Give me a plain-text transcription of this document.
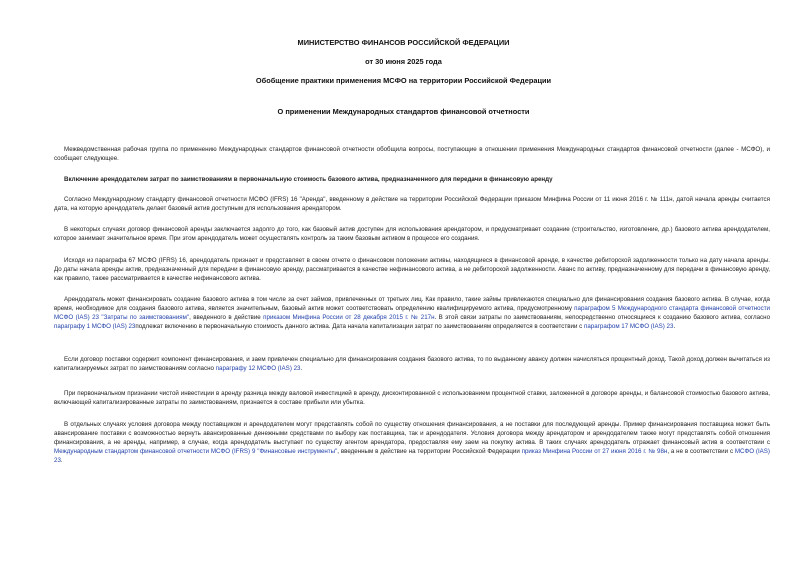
МИНИСТЕРСТВО ФИНАНСОВ РОССИЙСКОЙ ФЕДЕРАЦИИ
от 30 июня 2025 года
Обобщение практики применения МСФО на территории Российской Федерации
О применении Международных стандартов финансовой отчетности

Межведомственная рабочая группа по применению Международных стандартов финансовой отчетности обобщила вопросы, поступающие в отношении применения Международных стандартов финансовой отчетности (далее - МСФО), и сообщает следующее.

Включение арендодателем затрат по заимствованиям в первоначальную стоимость базового актива, предназначенного для передачи в финансовую аренду

Согласно Международному стандарту финансовой отчетности МСФО (IFRS) 16 "Аренда", введенному в действие на территории Российской Федерации приказом Минфина России от 11 июня 2016 г. № 111н, датой начала аренды считается дата, на которую арендодатель делает базовый актив доступным для использования арендатором.

В некоторых случаях договор финансовой аренды заключается задолго до того, как базовый актив доступен для использования арендатором, и предусматривает создание (строительство, изготовление, др.) базового актива арендодателем, которое занимает значительное время. При этом арендодатель может осуществлять контроль за таким базовым активом в процессе его создания.

Исходя из параграфа 67 МСФО (IFRS) 16, арендодатель признает и представляет в своем отчете о финансовом положении активы, находящиеся в финансовой аренде, в качестве дебиторской задолженности только на дату начала аренды. До даты начала аренды актив, предназначенный для передачи в финансовую аренду, рассматривается в качестве нефинансового актива, а не дебиторской задолженности. Аванс по активу, предназначенному для передачи в финансовую аренду, как правило, также рассматривается в качестве нефинансового актива.

Арендодатель может финансировать создание базового актива в том числе за счет займов, привлеченных от третьих лиц. Как правило, такие займы привлекаются специально для финансирования создания базового актива. В случае, когда время, необходимое для создания базового актива, является значительным, базовый актив может соответствовать определению квалифицируемого актива, предусмотренному параграфом 5 Международного стандарта финансовой отчетности МСФО (IAS) 23 "Затраты по заимствованиям", введенного в действие приказом Минфина России от 28 декабря 2015 г. № 217н. В этой связи затраты по заимствованиям, непосредственно относящиеся к созданию базового актива, согласно параграфу 1 МСФО (IAS) 23подлежат включению в первоначальную стоимость данного актива. Дата начала капитализации затрат по заимствованиям определяется в соответствии с параграфом 17 МСФО (IAS) 23.

Если договор поставки содержит компонент финансирования, и заем привлечен специально для финансирования создания базового актива, то по выданному авансу должен начисляться процентный доход. Такой доход должен вычитаться из капитализируемых затрат по заимствованиям согласно параграфу 12 МСФО (IAS) 23.

При первоначальном признании чистой инвестиции в аренду разница между валовой инвестицией в аренду, дисконтированной с использованием процентной ставки, заложенной в договоре аренды, и балансовой стоимостью базового актива, включающей капитализированные затраты по заимствованиям, признается в составе прибыли или убытка.

В отдельных случаях условия договора между поставщиком и арендодателем могут представлять собой по существу отношения финансирования, а не поставки для последующей аренды. Пример финансирования поставщика может быть авансирование поставки с возможностью вернуть авансированные денежными средствами по выбору как поставщика, так и арендодателя. Условия договора между арендатором и арендодателем также могут представлять собой отношения финансирования, а не аренды, например, в случае, когда арендодатель выступает по существу агентом арендатора, предоставляя ему заем на покупку актива. В таких случаях арендодатель отражает финансовый актив в соответствии с Международным стандартом финансовой отчетности МСФО (IFRS) 9 "Финансовые инструменты", введенным в действие на территории Российской Федерации приказ Минфина России от 27 июня 2016 г. № 98н, а не в соответствии с МСФО (IAS) 23.
